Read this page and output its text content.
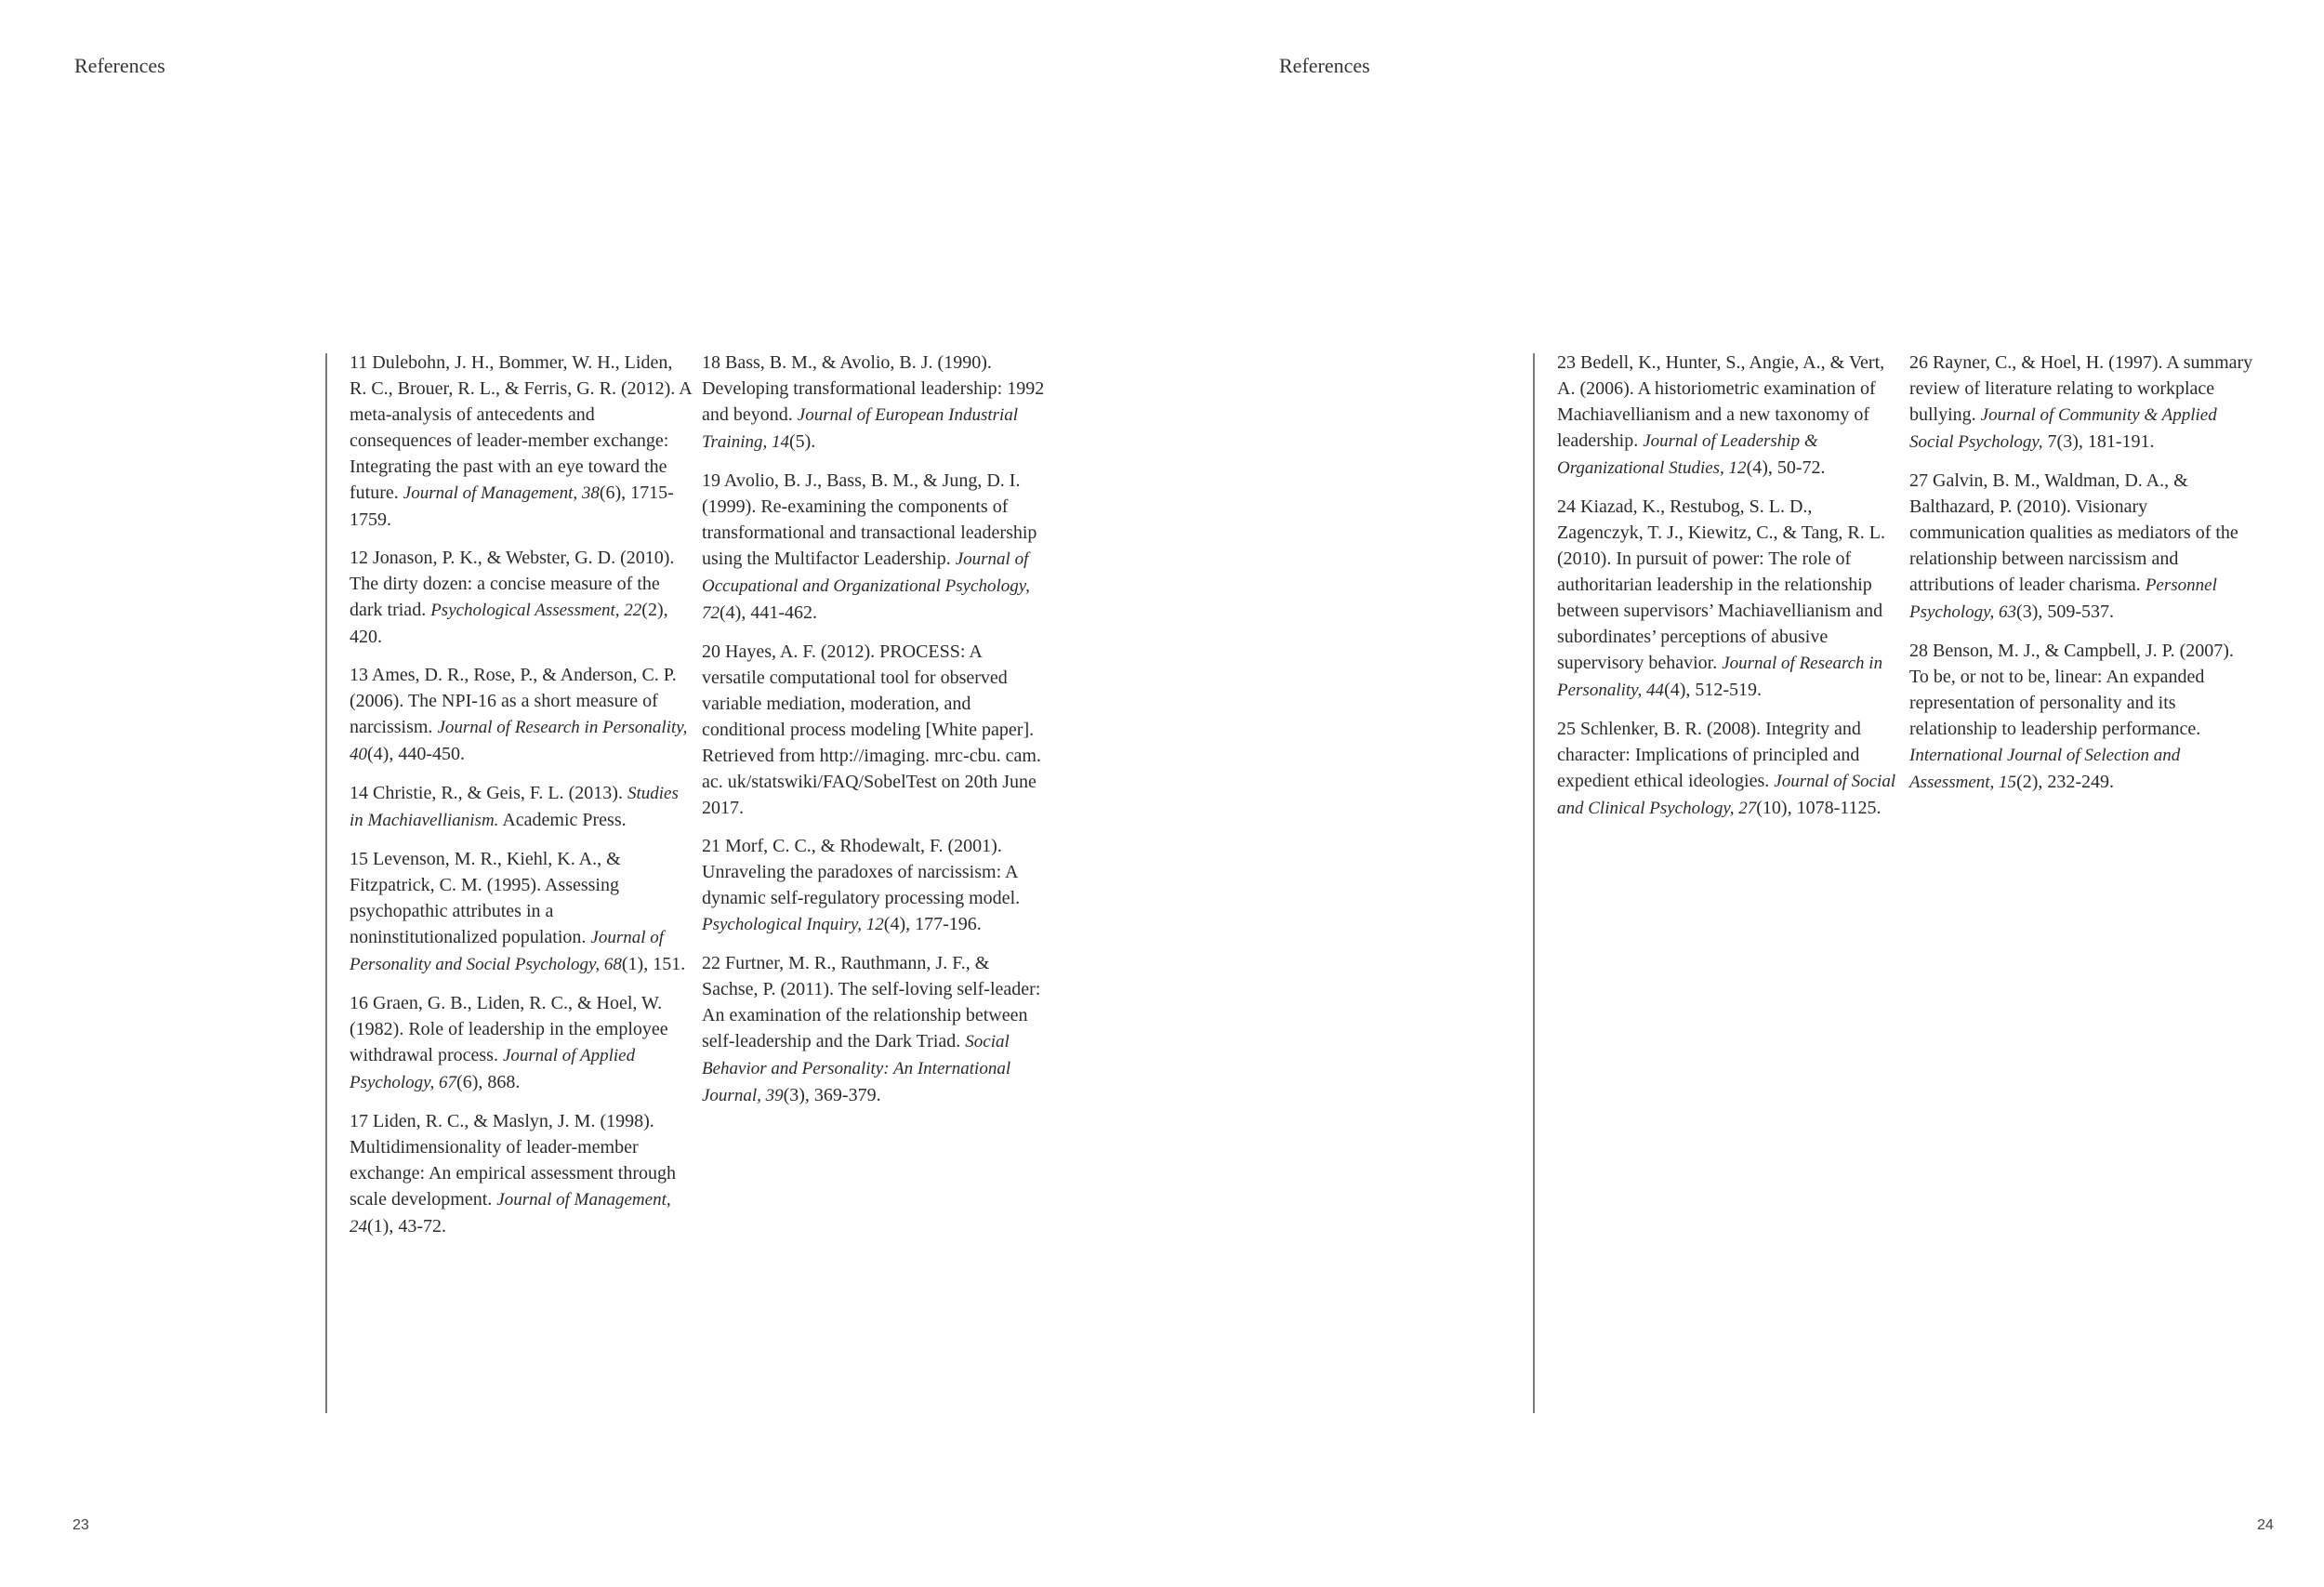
References

11 Dulebohn, J. H., Bommer, W. H., Liden, R. C., Brouer, R. L., & Ferris, G. R. (2012). A meta-analysis of antecedents and consequences of leader-member exchange: Integrating the past with an eye toward the future. Journal of Management, 38(6), 1715-1759.

12 Jonason, P. K., & Webster, G. D. (2010). The dirty dozen: a concise measure of the dark triad. Psychological Assessment, 22(2), 420.

13 Ames, D. R., Rose, P., & Anderson, C. P. (2006). The NPI-16 as a short measure of narcissism. Journal of Research in Personality, 40(4), 440-450.

14 Christie, R., & Geis, F. L. (2013). Studies in Machiavellianism. Academic Press.

15 Levenson, M. R., Kiehl, K. A., & Fitzpatrick, C. M. (1995). Assessing psychopathic attributes in a noninstitutionalized population. Journal of Personality and Social Psychology, 68(1), 151.

16 Graen, G. B., Liden, R. C., & Hoel, W. (1982). Role of leadership in the employee withdrawal process. Journal of Applied Psychology, 67(6), 868.

17 Liden, R. C., & Maslyn, J. M. (1998). Multidimensionality of leader-member exchange: An empirical assessment through scale development. Journal of Management, 24(1), 43-72.

18 Bass, B. M., & Avolio, B. J. (1990). Developing transformational leadership: 1992 and beyond. Journal of European Industrial Training, 14(5).

19 Avolio, B. J., Bass, B. M., & Jung, D. I. (1999). Re-examining the components of transformational and transactional leadership using the Multifactor Leadership. Journal of Occupational and Organizational Psychology, 72(4), 441-462.

20 Hayes, A. F. (2012). PROCESS: A versatile computational tool for observed variable mediation, moderation, and conditional process modeling [White paper]. Retrieved from http://imaging. mrc-cbu. cam. ac. uk/statswiki/FAQ/SobelTest on 20th June 2017.

21 Morf, C. C., & Rhodewalt, F. (2001). Unraveling the paradoxes of narcissism: A dynamic self-regulatory processing model. Psychological Inquiry, 12(4), 177-196.

22 Furtner, M. R., Rauthmann, J. F., & Sachse, P. (2011). The self-loving self-leader: An examination of the relationship between self-leadership and the Dark Triad. Social Behavior and Personality: An International Journal, 39(3), 369-379.

23
References

23 Bedell, K., Hunter, S., Angie, A., & Vert, A. (2006). A historiometric examination of Machiavellianism and a new taxonomy of leadership. Journal of Leadership & Organizational Studies, 12(4), 50-72.

24 Kiazad, K., Restubog, S. L. D., Zagenczyk, T. J., Kiewitz, C., & Tang, R. L. (2010). In pursuit of power: The role of authoritarian leadership in the relationship between supervisors’ Machiavellianism and subordinates’ perceptions of abusive supervisory behavior. Journal of Research in Personality, 44(4), 512-519.

25 Schlenker, B. R. (2008). Integrity and character: Implications of principled and expedient ethical ideologies. Journal of Social and Clinical Psychology, 27(10), 1078-1125.

26 Rayner, C., & Hoel, H. (1997). A summary review of literature relating to workplace bullying. Journal of Community & Applied Social Psychology, 7(3), 181-191.

27 Galvin, B. M., Waldman, D. A., & Balthazard, P. (2010). Visionary communication qualities as mediators of the relationship between narcissism and attributions of leader charisma. Personnel Psychology, 63(3), 509-537.

28 Benson, M. J., & Campbell, J. P. (2007). To be, or not to be, linear: An expanded representation of personality and its relationship to leadership performance. International Journal of Selection and Assessment, 15(2), 232-249.

24
